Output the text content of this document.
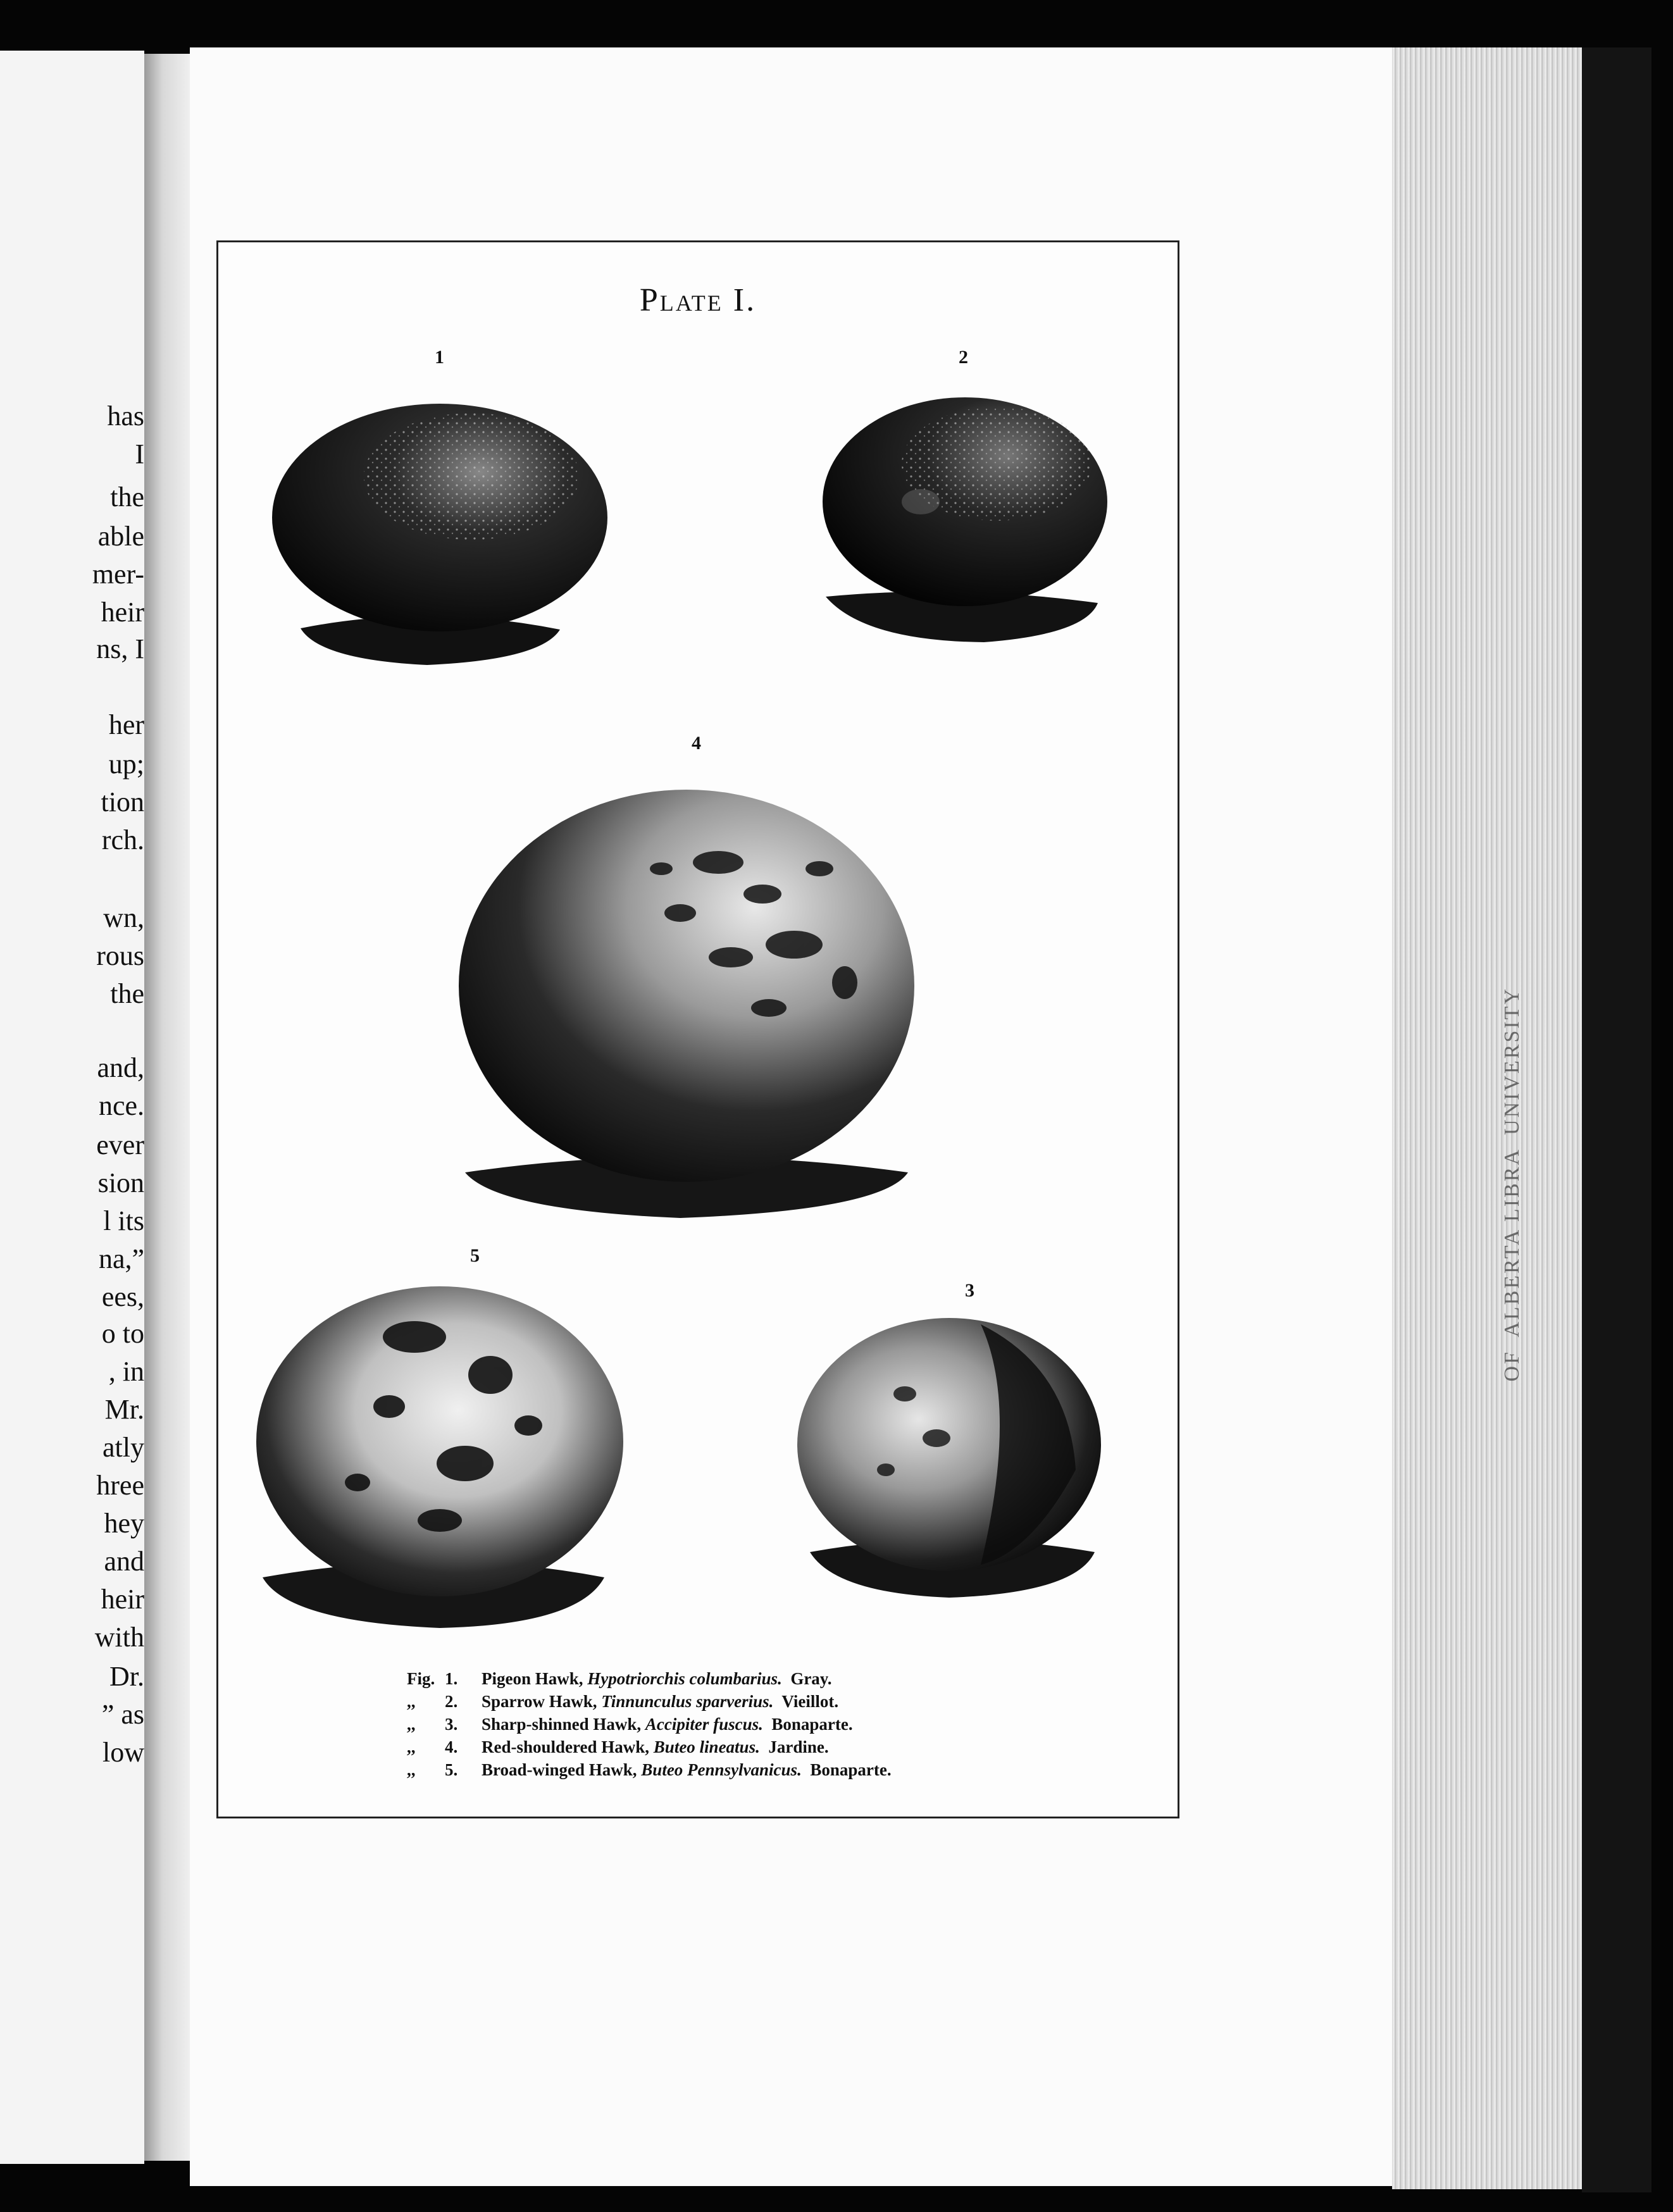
UNIVERSITY
ALBERTA LIBRA
OF
has
I
the
able
mer-
heir
ns, I
her
up;
tion
rch.
wn,
rous
the
and,
nce.
ever
sion
l its
na,”
ees,
o to
, in
Mr.
atly
hree
hey
and
heir
with
Dr.
” as
low
Plate I.
1	2
4
5
3
Fig. 1.	Pigeon Hawk, Hypotriorchis columbarius. Gray.
,,	2.	Sparrow Hawk, Tinnunculus sparverius. Vieillot.
,,	3.	Sharp-shinned Hawk, Accipiter fuscus. Bonaparte.
,,	4.	Red-shouldered Hawk, Buteo lineatus. Jardine.
,,	5.	Broad-winged Hawk, Buteo Pennsylvanicus. Bonaparte.
